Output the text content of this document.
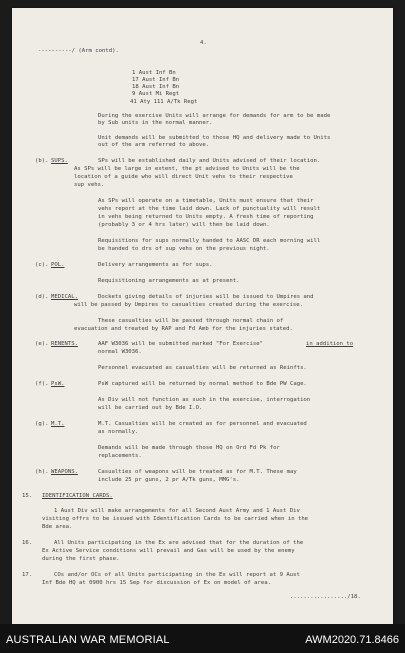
4.
----------/ (Arm contd).
1 Aust Inf Bn
17 Aust Inf Bn
18 Aust Inf Bn
9 Aust Mi Regt
41 Aty 111 A/Tk Regt
During the exercise Units will arrange for demands for arm to be made
by Sub units in the normal manner.
Unit demands will be submitted to those HQ and delivery made to Units
out of the arm referred to above.
(b). SUPS.	SPs will be established daily and Units advised of their location.
As SPs will be large in extent, the pt advised to Units will be the
location of a guide who will direct Unit vehs to their respective
sup vehs.
As SPs will operate on a timetable, Units must ensure that their
vehs report at the time laid down. Lack of punctuality will result
in vehs being returned to Units empty. A fresh time of reporting
(probably 3 or 4 hrs later) will then be laid down.
Requisitions for sups normally handed to AASC DR each morning will
be handed to drs of sup vehs on the previous night.
(c). POL.	Delivery arrangements as for sups.
Requisitioning arrangements as at present.
(d). MEDICAL.	Dockets giving details of injuries will be issued to Umpires and
will be passed by Umpires to casualties created during the exercise.
These casualties will be passed through normal chain of
evacuation and treated by RAP and Fd Amb for the injuries stated.
(e). RENENTS.	AAF W3036 will be submitted marked "For Exercise"	in addition to
normal W3036.
Personnel evacuated as casualties will be returned as Reinfts.
(f). PsW.	PsW captured will be returned by normal method to Bde PW Cage.
As Div will not function as such in the exercise, interrogation
will be carried out by Bde I.O.
(g). M.T.	M.T. Casualties will be created as for personnel and evacuated
as normally.
Demands will be made through those HQ on Ord Fd Pk for
replacements.
(h). WEAPONS.	Casualties of weapons will be treated as for M.T. These may
include 25 pr guns, 2 pr A/Tk guns, MMG's.
15. IDENTIFICATION CARDS.
1 Aust Div will make arrangements for all Second Aust Army and 1 Aust Div
visiting offrs to be issued with Identification Cards to be carried when in the
Bde area.
16.	All Units participating in the Ex are advised that for the duration of the
Ex Active Service conditions will prevail and Gas will be used by the enemy
during the first phase.
17.	COs and/or OCs of all Units participating in the Ex will report at 9 Aust
Inf Bde HQ at 0900 hrs 15 Sep for discussion of Ex on model of area.
................./18.
AUSTRALIAN WAR MEMORIAL	AWM2020.71.8466
